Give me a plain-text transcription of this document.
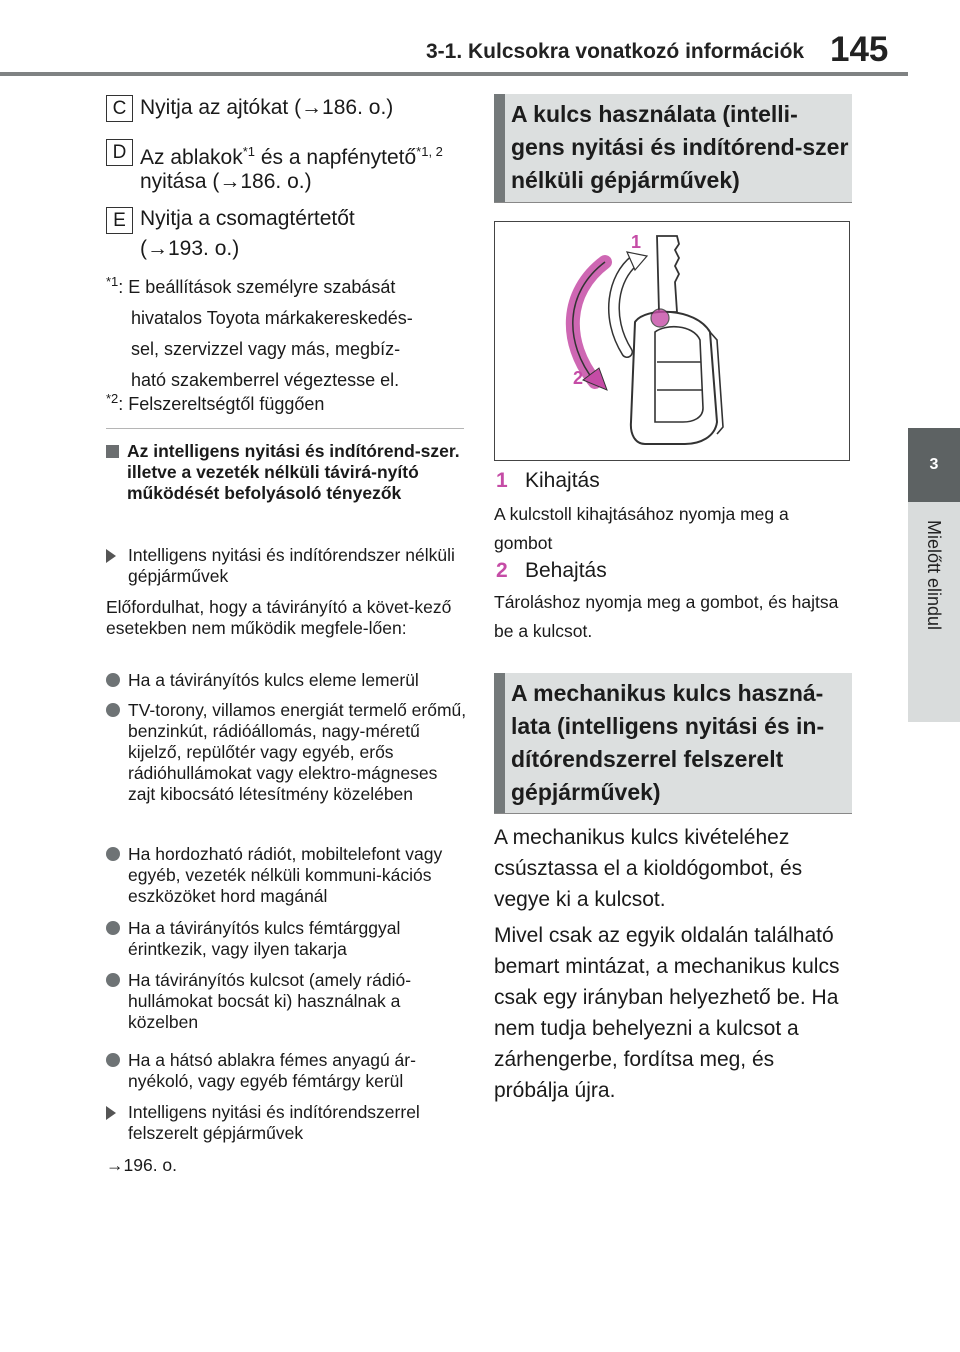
3-1. Kulcsokra vonatkozó információk 145
3
Mielőtt elindul
C Nyitja az ajtókat (→186. o.)
D Az ablakok$^{*1}$ és a napfénytető$^{*1, 2}$
nyitása (→186. o.)
E Nyitja a csomagtértetőt
(→193. o.)
$^{*1}$: E beállítások személyre szabását
hivatalos Toyota márkakereskedés-
sel, szervizzel vagy más, megbíz-
ható szakemberrel végeztesse el.
$^{*2}$: Felszereltségtől függően
Az intelligens nyitási és indítórend-szer. illetve a vezeték nélküli távirá-nyító működését befolyásoló tényezők
Intelligens nyitási és indítórendszer nélküli gépjárművek
Előfordulhat, hogy a távirányító a követ-kező esetekben nem működik megfele-lően:
Ha a távirányítós kulcs eleme lemerül
TV-torony, villamos energiát termelő erőmű, benzinkút, rádióállomás, nagy-méretű kijelző, repülőtér vagy egyéb, erős rádióhullámokat vagy elektro-mágneses zajt kibocsátó létesítmény közelében
Ha hordozható rádiót, mobiltelefont vagy egyéb, vezeték nélküli kommuni-kációs eszközöket hord magánál
Ha a távirányítós kulcs fémtárggyal érintkezik, vagy ilyen takarja
Ha távirányítós kulcsot (amely rádió-hullámokat bocsát ki) használnak a közelben
Ha a hátsó ablakra fémes anyagú ár-nyékoló, vagy egyéb fémtárgy kerül
Intelligens nyitási és indítórendszerrel felszerelt gépjárművek
→196. o.
A kulcs használata (intelli-gens nyitási és indítórend-szer nélküli gépjárművek)
1
2
1 Kihajtás
A kulcstoll kihajtásához nyomja meg a gombot
2 Behajtás
Tároláshoz nyomja meg a gombot, és hajtsa be a kulcsot.
A mechanikus kulcs haszná-lata (intelligens nyitási és in-dítórendszerrel felszerelt gépjárművek)
A mechanikus kulcs kivételéhez csúsztassa el a kioldógombot, és vegye ki a kulcsot.
Mivel csak az egyik oldalán található bemart mintázat, a mechanikus kulcs csak egy irányban helyezhető be. Ha nem tudja behelyezni a kulcsot a zárhengerbe, fordítsa meg, és próbálja újra.
